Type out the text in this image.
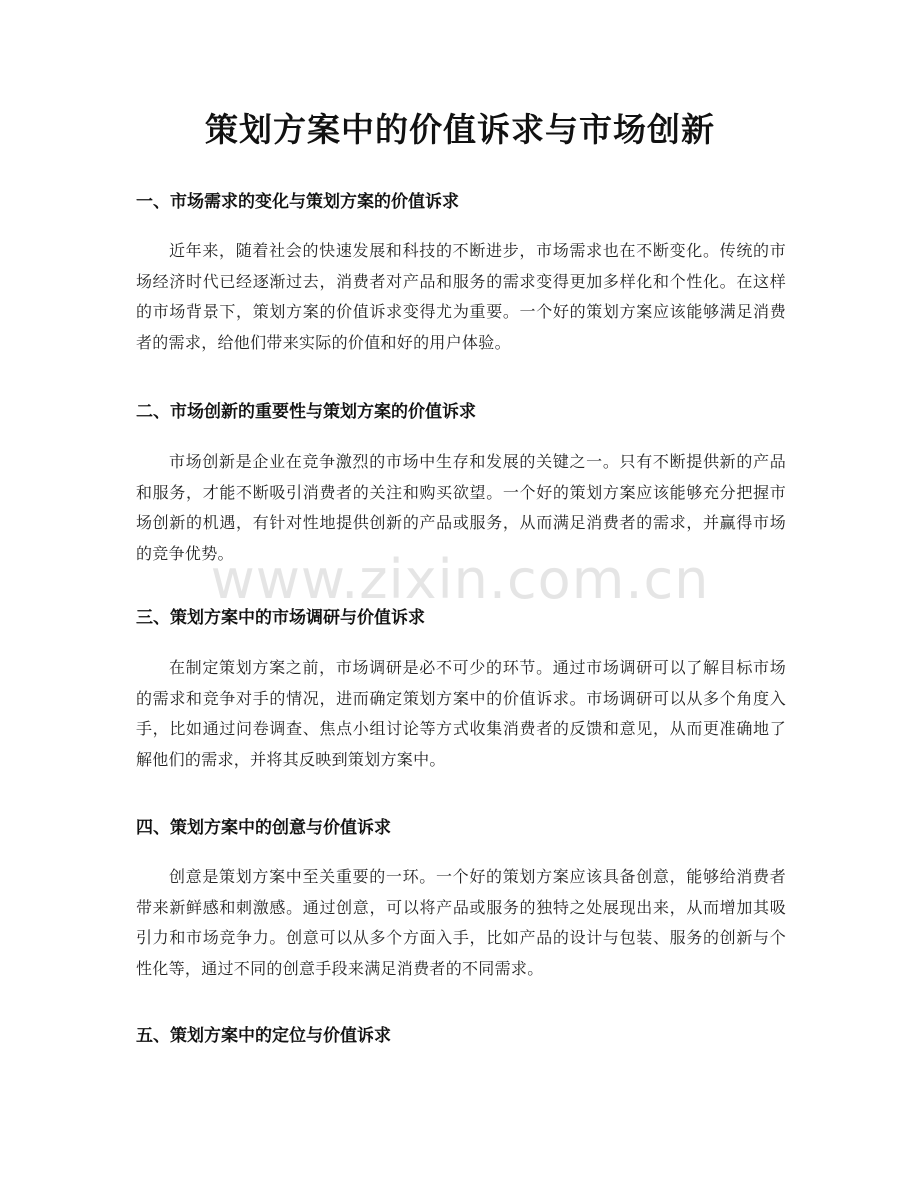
策划方案中的价值诉求与市场创新
一、市场需求的变化与策划方案的价值诉求

近年来，随着社会的快速发展和科技的不断进步，市场需求也在不断变化。传统的市场经济时代已经逐渐过去，消费者对产品和服务的需求变得更加多样化和个性化。在这样的市场背景下，策划方案的价值诉求变得尤为重要。一个好的策划方案应该能够满足消费者的需求，给他们带来实际的价值和好的用户体验。

二、市场创新的重要性与策划方案的价值诉求

市场创新是企业在竞争激烈的市场中生存和发展的关键之一。只有不断提供新的产品和服务，才能不断吸引消费者的关注和购买欲望。一个好的策划方案应该能够充分把握市场创新的机遇，有针对性地提供创新的产品或服务，从而满足消费者的需求，并赢得市场的竞争优势。

三、策划方案中的市场调研与价值诉求

在制定策划方案之前，市场调研是必不可少的环节。通过市场调研可以了解目标市场的需求和竞争对手的情况，进而确定策划方案中的价值诉求。市场调研可以从多个角度入手，比如通过问卷调查、焦点小组讨论等方式收集消费者的反馈和意见，从而更准确地了解他们的需求，并将其反映到策划方案中。

四、策划方案中的创意与价值诉求

创意是策划方案中至关重要的一环。一个好的策划方案应该具备创意，能够给消费者带来新鲜感和刺激感。通过创意，可以将产品或服务的独特之处展现出来，从而增加其吸引力和市场竞争力。创意可以从多个方面入手，比如产品的设计与包装、服务的创新与个性化等，通过不同的创意手段来满足消费者的不同需求。

五、策划方案中的定位与价值诉求
www.zixin.com.cn
